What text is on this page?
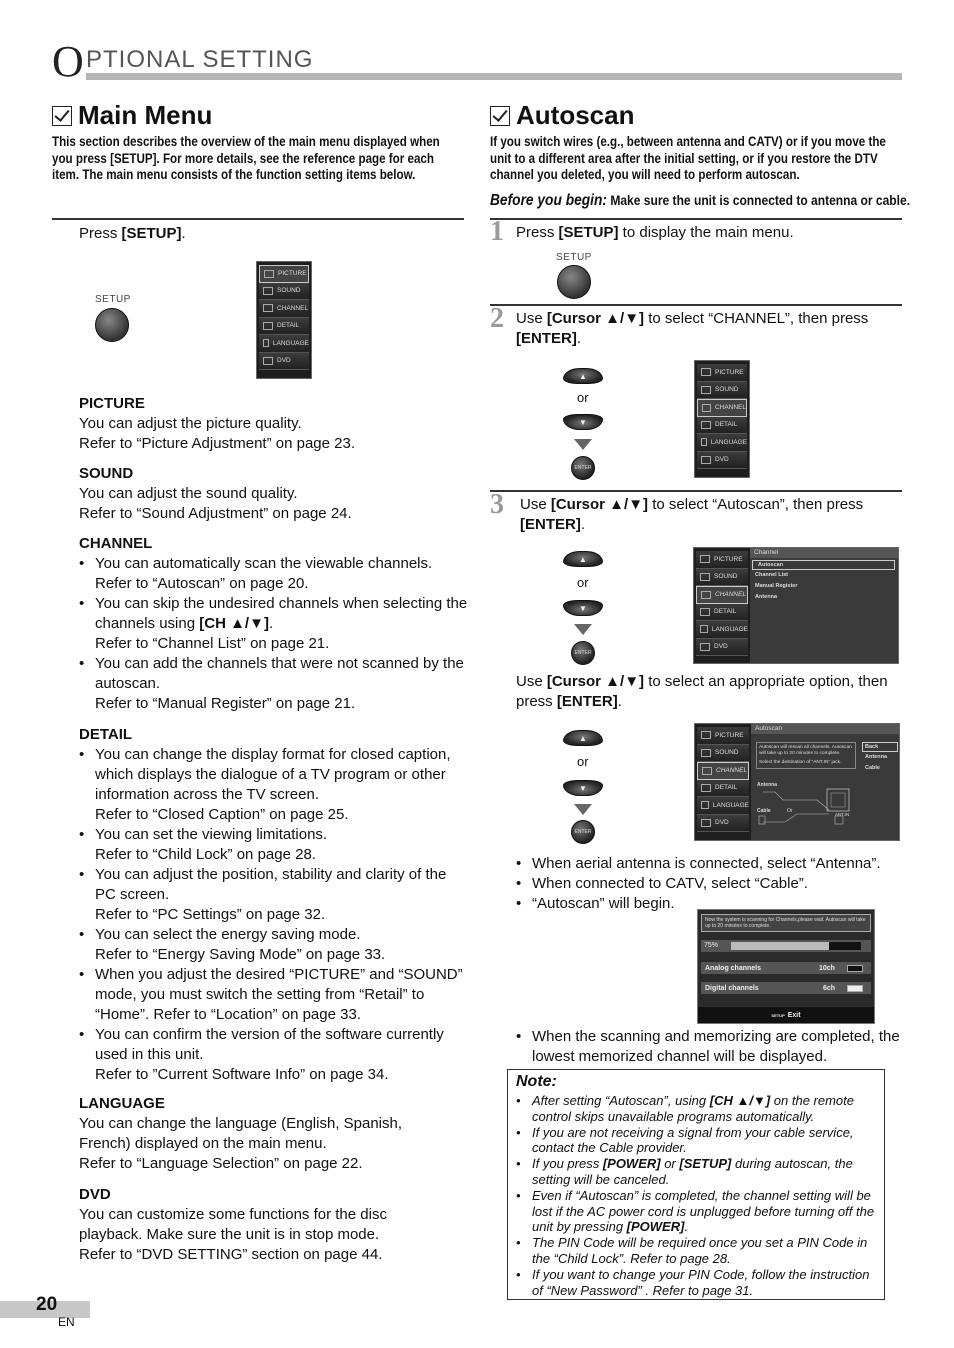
O PTIONAL SETTING
Main Menu
This section describes the overview of the main menu displayed when you press [SETUP]. For more details, see the reference page for each item. The main menu consists of the function setting items below.
Press [SETUP].
SETUP
PICTURE
SOUND
CHANNEL
DETAIL
LANGUAGE
DVD
PICTURE
You can adjust the picture quality.
Refer to “Picture Adjustment” on page 23.
SOUND
You can adjust the sound quality.
Refer to “Sound Adjustment” on page 24.
CHANNEL
• You can automatically scan the viewable channels.
Refer to “Autoscan” on page 20.
• You can skip the undesired channels when selecting the channels using [CH ▲/▼].
Refer to “Channel List” on page 21.
• You can add the channels that were not scanned by the autoscan.
Refer to “Manual Register” on page 21.
DETAIL
• You can change the display format for closed caption, which displays the dialogue of a TV program or other information across the TV screen.
Refer to “Closed Caption” on page 25.
• You can set the viewing limitations.
Refer to “Child Lock” on page 28.
• You can adjust the position, stability and clarity of the PC screen.
Refer to “PC Settings” on page 32.
• You can select the energy saving mode.
Refer to “Energy Saving Mode” on page 33.
• When you adjust the desired “PICTURE” and “SOUND” mode, you must switch the setting from “Retail” to “Home”. Refer to “Location” on page 33.
• You can confirm the version of the software currently used in this unit.
Refer to ”Current Software Info” on page 34.
LANGUAGE
You can change the language (English, Spanish,
French) displayed on the main menu.
Refer to “Language Selection” on page 22.
DVD
You can customize some functions for the disc
playback. Make sure the unit is in stop mode.
Refer to “DVD SETTING” section on page 44.
Autoscan
If you switch wires (e.g., between antenna and CATV) or if you move the unit to a different area after the initial setting, or if you restore the DTV channel you deleted, you will need to perform autoscan.
Before you begin: Make sure the unit is connected to antenna or cable.
1 Press [SETUP] to display the main menu.
SETUP
2 Use [Cursor ▲/▼] to select “CHANNEL”, then press [ENTER].
▲
or
▼
ENTER
PICTURE
SOUND
CHANNEL
DETAIL
LANGUAGE
DVD
3 Use [Cursor ▲/▼] to select “Autoscan”, then press [ENTER].
▲
or
▼
ENTER
PICTURE
SOUND
CHANNEL
DETAIL
LANGUAGE
DVD
Channel
Autoscan
Channel List
Manual Register
Antenna
Use [Cursor ▲/▼] to select an appropriate option, then press [ENTER].
▲
or
▼
ENTER
PICTURE
SOUND
CHANNEL
DETAIL
LANGUAGE
DVD
Autoscan
Autoscan will rescan all channels. Autoscan will take up to 20 minutes to complete.
Select the destination of "ANT.IN" jack.
Back
Antenna
Cable
Antenna
Cable	Or
ANT.IN
• When aerial antenna is connected, select “Antenna”.
• When connected to CATV, select “Cable”.
• “Autoscan” will begin.
Now the system is scanning for Channels,please wait. Autoscan will take up to 20 minutes to complete.
75%
Analog channels	10ch
Digital channels	6ch
SETUP Exit
• When the scanning and memorizing are completed, the lowest memorized channel will be displayed.
Note:
• After setting “Autoscan”, using [CH ▲/▼] on the remote control skips unavailable programs automatically.
• If you are not receiving a signal from your cable service, contact the Cable provider.
• If you press [POWER] or [SETUP] during autoscan, the setting will be canceled.
• Even if “Autoscan” is completed, the channel setting will be lost if the AC power cord is unplugged before turning off the unit by pressing [POWER].
• The PIN Code will be required once you set a PIN Code in the “Child Lock”. Refer to page 28.
• If you want to change your PIN Code, follow the instruction of “New Password” . Refer to page 31.
20
EN
